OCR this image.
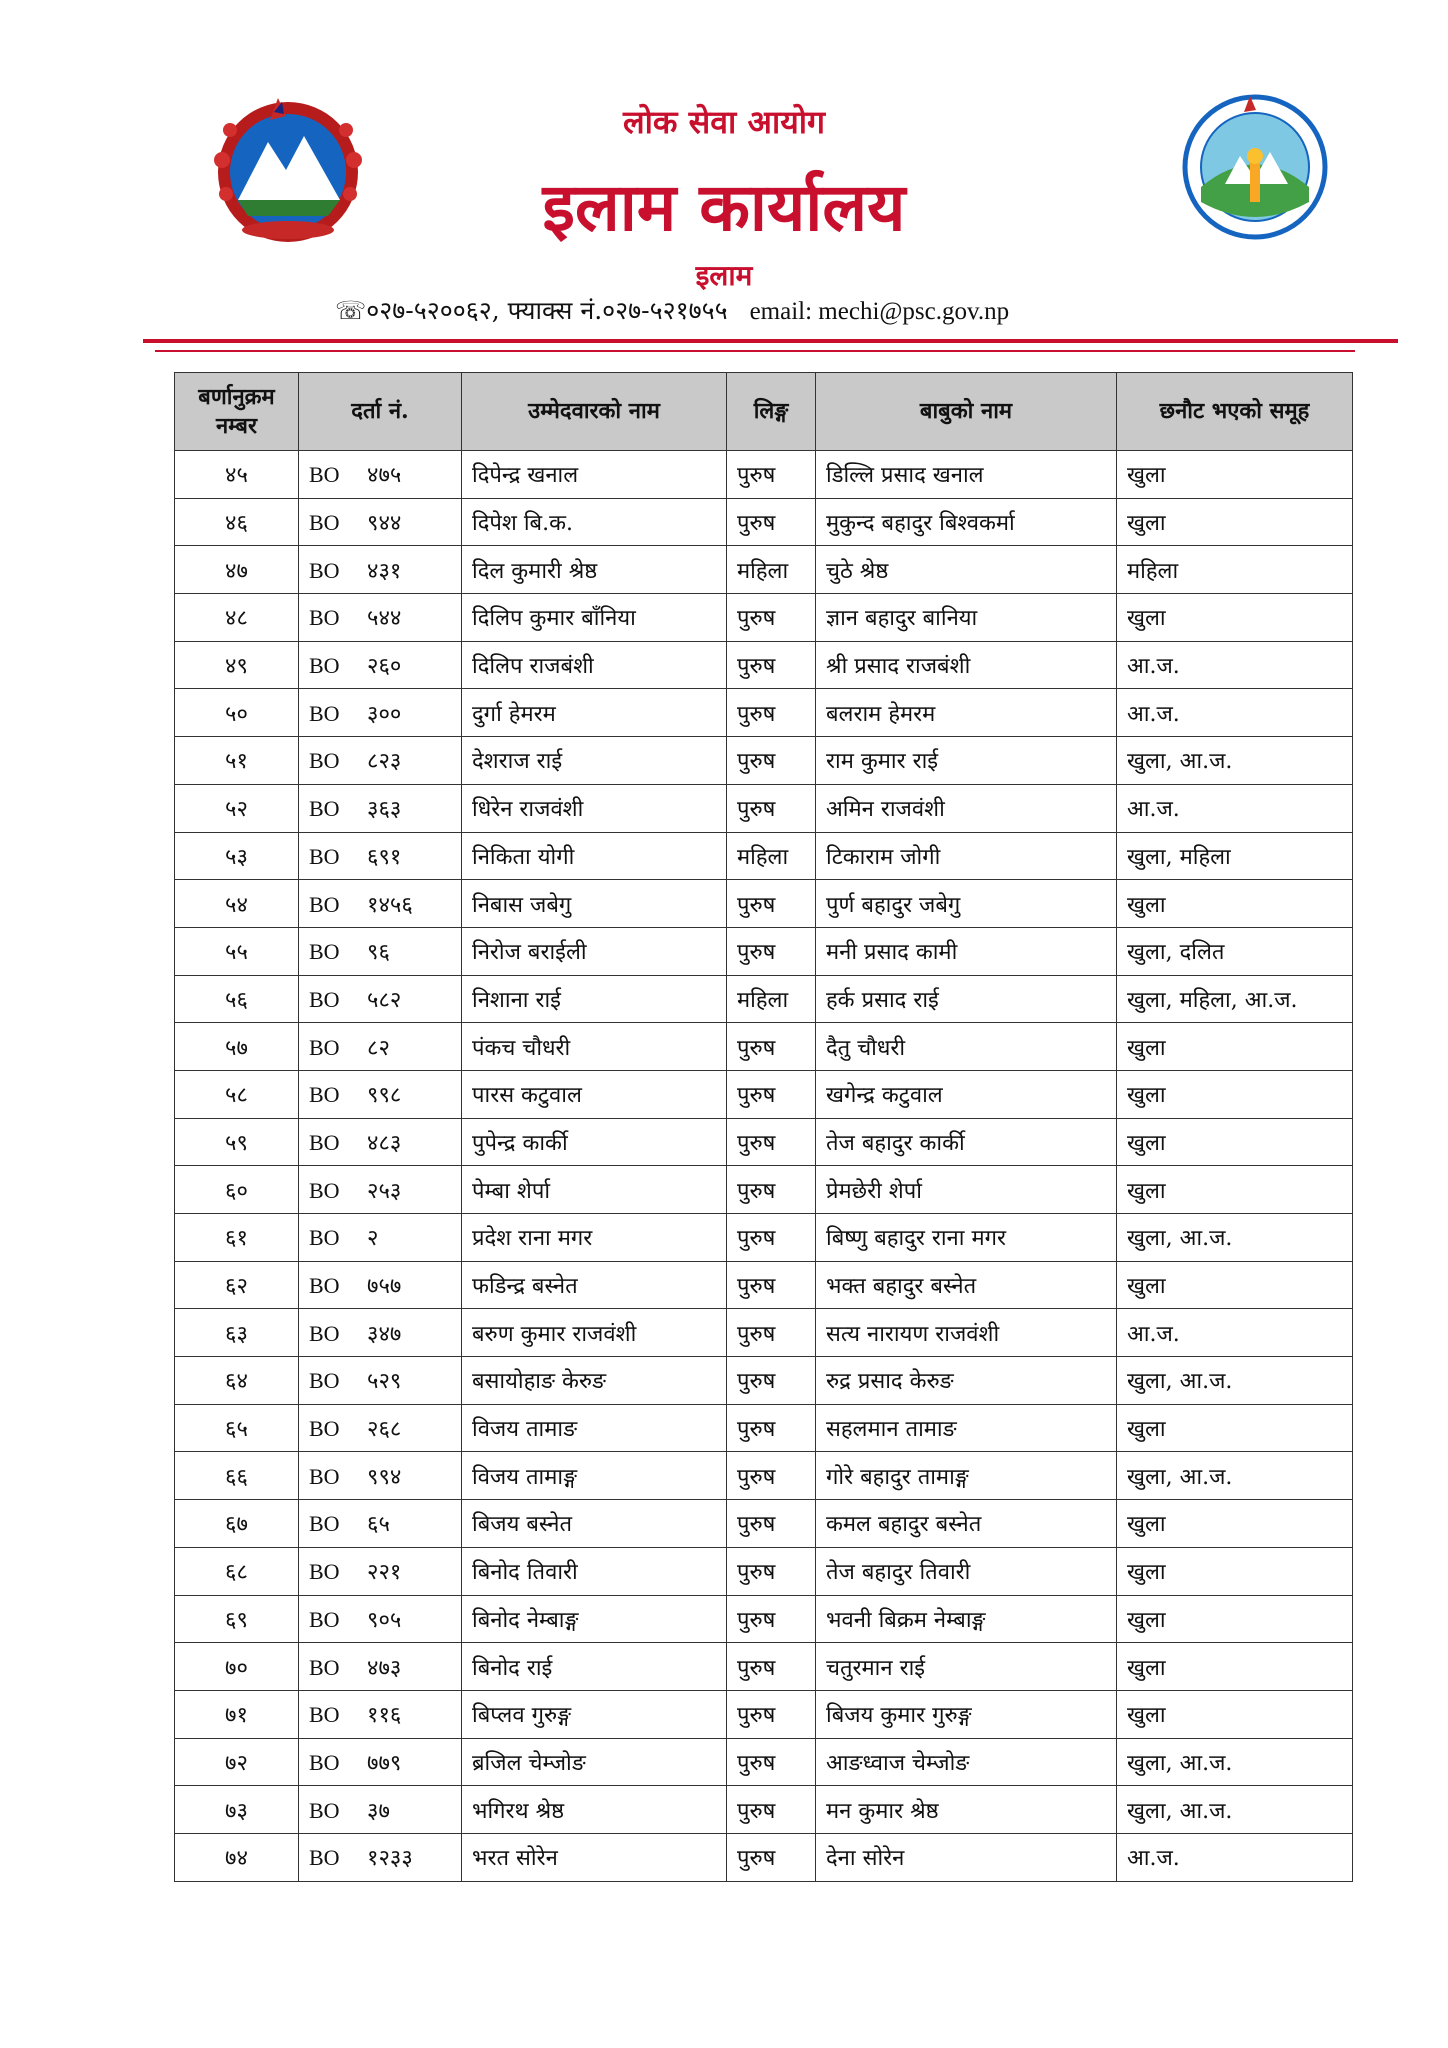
लोक सेवा आयोग
इलाम कार्यालय
इलाम
☏०२७-५२००६२, फ्याक्स नं.०२७-५२१७५५ email: mechi@psc.gov.np
बर्णानुक्रम नम्बर	दर्ता नं.	उम्मेदवारको नाम	लिङ्ग	बाबुको नाम	छनौट भएको समूह
४५	BO ४७५	दिपेन्द्र खनाल	पुरुष	डिल्लि प्रसाद खनाल	खुला
४६	BO ९४४	दिपेश बि.क.	पुरुष	मुकुन्द बहादुर बिश्वकर्मा	खुला
४७	BO ४३१	दिल कुमारी श्रेष्ठ	महिला	चुठे श्रेष्ठ	महिला
४८	BO ५४४	दिलिप कुमार बाँनिया	पुरुष	ज्ञान बहादुर बानिया	खुला
४९	BO २६०	दिलिप राजबंशी	पुरुष	श्री प्रसाद राजबंशी	आ.ज.
५०	BO ३००	दुर्गा हेमरम	पुरुष	बलराम हेमरम	आ.ज.
५१	BO ८२३	देशराज राई	पुरुष	राम कुमार राई	खुला, आ.ज.
५२	BO ३६३	धिरेन राजवंशी	पुरुष	अमिन राजवंशी	आ.ज.
५३	BO ६९१	निकिता योगी	महिला	टिकाराम जोगी	खुला, महिला
५४	BO १४५६	निबास जबेगु	पुरुष	पुर्ण बहादुर जबेगु	खुला
५५	BO ९६	निरोज बराईली	पुरुष	मनी प्रसाद कामी	खुला, दलित
५६	BO ५८२	निशाना राई	महिला	हर्क प्रसाद राई	खुला, महिला, आ.ज.
५७	BO ८२	पंकच चौधरी	पुरुष	दैतु चौधरी	खुला
५८	BO ९९८	पारस कटुवाल	पुरुष	खगेन्द्र कटुवाल	खुला
५९	BO ४८३	पुपेन्द्र कार्की	पुरुष	तेज बहादुर कार्की	खुला
६०	BO २५३	पेम्बा शेर्पा	पुरुष	प्रेमछेरी शेर्पा	खुला
६१	BO २	प्रदेश राना मगर	पुरुष	बिष्णु बहादुर राना मगर	खुला, आ.ज.
६२	BO ७५७	फडिन्द्र बस्नेत	पुरुष	भक्त बहादुर बस्नेत	खुला
६३	BO ३४७	बरुण कुमार राजवंशी	पुरुष	सत्य नारायण राजवंशी	आ.ज.
६४	BO ५२९	बसायोहाङ केरुङ	पुरुष	रुद्र प्रसाद केरुङ	खुला, आ.ज.
६५	BO २६८	विजय तामाङ	पुरुष	सहलमान तामाङ	खुला
६६	BO ९९४	विजय तामाङ्ग	पुरुष	गोरे बहादुर तामाङ्ग	खुला, आ.ज.
६७	BO ६५	बिजय बस्नेत	पुरुष	कमल बहादुर बस्नेत	खुला
६८	BO २२१	बिनोद तिवारी	पुरुष	तेज बहादुर तिवारी	खुला
६९	BO ९०५	बिनोद नेम्बाङ्ग	पुरुष	भवनी बिक्रम नेम्बाङ्ग	खुला
७०	BO ४७३	बिनोद राई	पुरुष	चतुरमान राई	खुला
७१	BO ११६	बिप्लव गुरुङ्ग	पुरुष	बिजय कुमार गुरुङ्ग	खुला
७२	BO ७७९	ब्रजिल चेम्जोङ	पुरुष	आङध्वाज चेम्जोङ	खुला, आ.ज.
७३	BO ३७	भगिरथ श्रेष्ठ	पुरुष	मन कुमार श्रेष्ठ	खुला, आ.ज.
७४	BO १२३३	भरत सोरेन	पुरुष	देना सोरेन	आ.ज.
